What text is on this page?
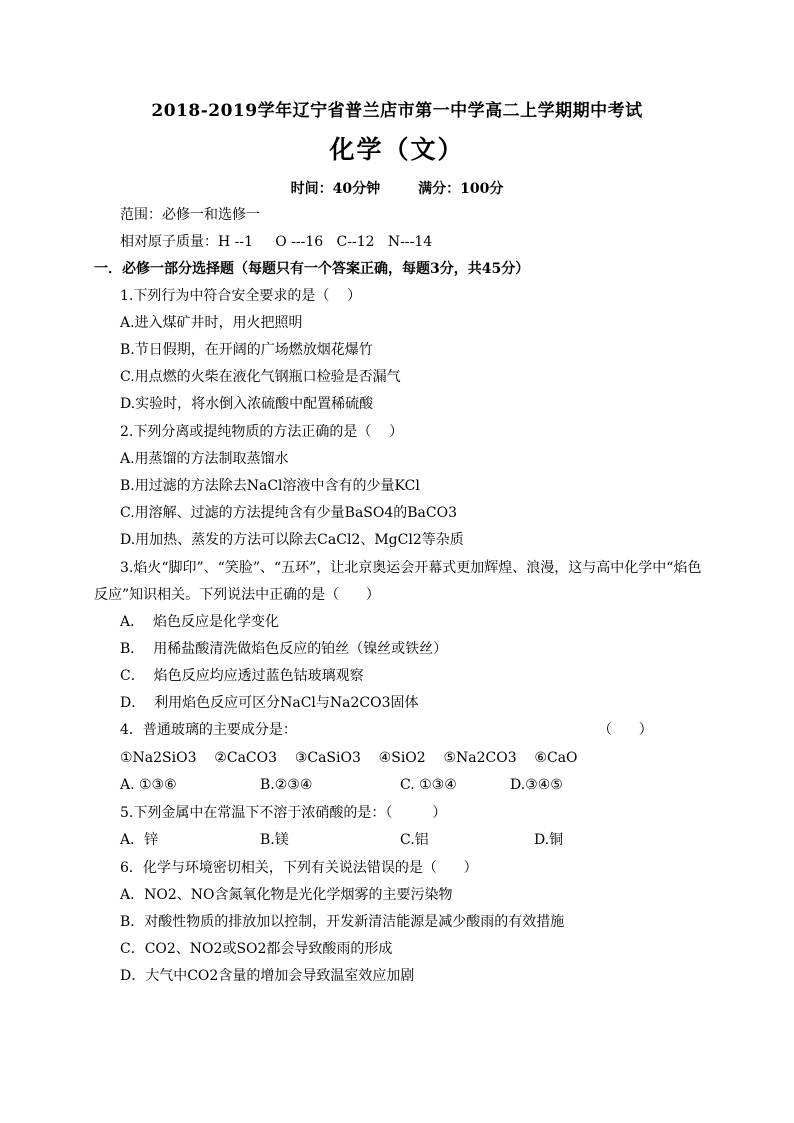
2018-2019学年辽宁省普兰店市第一中学高二上学期期中考试
化学（文）
时间：40分钟	满分：100分
范围：必修一和选修一
相对原子质量：H --1     O ---16   C--12   N---14
一．必修一部分选择题（每题只有一个答案正确，每题3分，共45分）
1.下列行为中符合安全要求的是（    ）
A.进入煤矿井时，用火把照明
B.节日假期，在开阔的广场燃放烟花爆竹
C.用点燃的火柴在液化气钢瓶口检验是否漏气
D.实验时，将水倒入浓硫酸中配置稀硫酸
2.下列分离或提纯物质的方法正确的是（    ）
A.用蒸馏的方法制取蒸馏水
B.用过滤的方法除去NaCl溶液中含有的少量KCl
C.用溶解、过滤的方法提纯含有少量BaSO4的BaCO3
D.用加热、蒸发的方法可以除去CaCl2、MgCl2等杂质
3.焰火“脚印”、“笑脸”、“五环”，让北京奥运会开幕式更加辉煌、浪漫，这与高中化学中“焰色
反应”知识相关。下列说法中正确的是（      ）
A．  焰色反应是化学变化
B．  用稀盐酸清洗做焰色反应的铂丝（镍丝或铁丝）
C．  焰色反应均应透过蓝色钴玻璃观察
D．  利用焰色反应可区分NaCl与Na2CO3固体
4．普通玻璃的主要成分是：	（      ）
①Na2SiO3    ②CaCO3    ③CaSiO3    ④SiO2    ⑤Na2CO3    ⑥CaO
A. ①③⑥	B.②③④	C. ①③④	D.③④⑤
5.下列金属中在常温下不溶于浓硝酸的是：（         ）
A．锌	B.镁	C.铝	D.铜
6．化学与环境密切相关，下列有关说法错误的是（      ）
A．NO2、NO含氮氧化物是光化学烟雾的主要污染物
B．对酸性物质的排放加以控制，开发新清洁能源是减少酸雨的有效措施
C．CO2、NO2或SO2都会导致酸雨的形成
D．大气中CO2含量的增加会导致温室效应加剧
